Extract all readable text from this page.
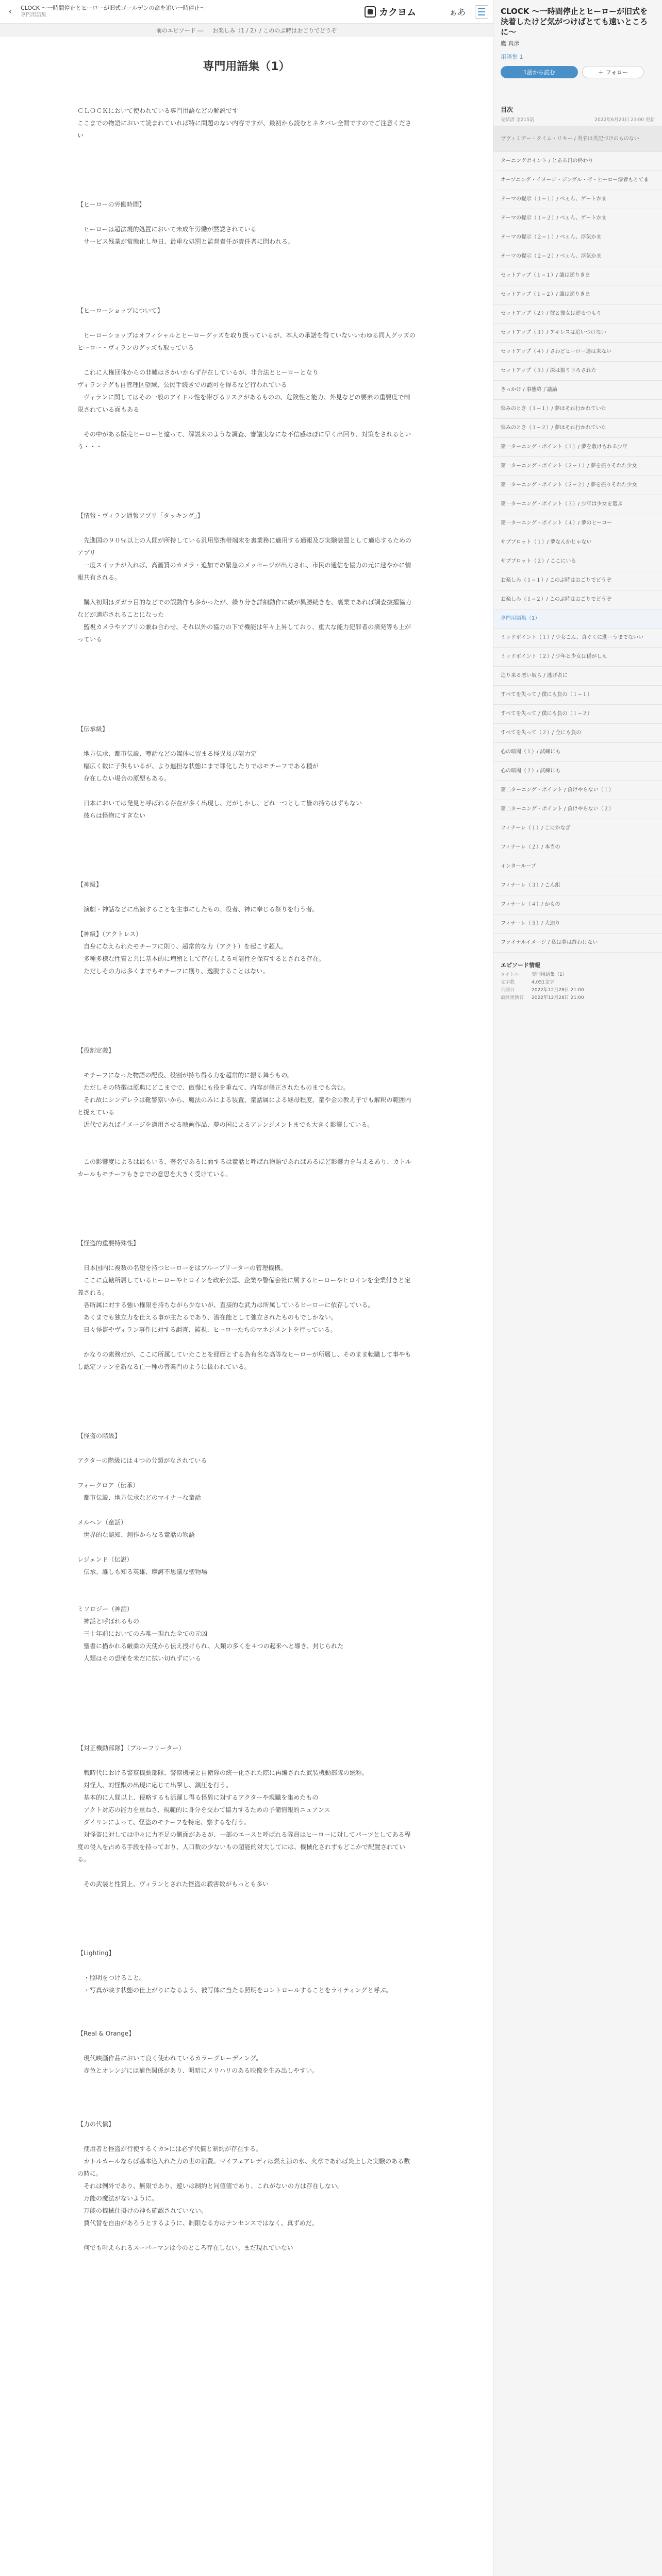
‹	CLOCK 〜一時間停止とヒーローが旧式ゴールデンの命を追い一時停止〜
専門用語集	カクヨム	ぁあ
前のエピソード ― お楽しみ（1 / 2）/ こののぶ時はおごりでどうぞ
専門用語集（1）

ＣＬＯＣＫにおいて使われている専門用語などの解説です
ここまでの物語において読まれていれば特に問題のない内容ですが、最初から読むとネタバレ全開ですのでご注意ください

【ヒーローの労働時間】

　ヒーローは超法規的処置において未成年労働が黙認されている
　サービス残業が常態化し毎日、最重な処罰と監督責任が責任者に問われる。

【ヒーローショップについて】

　ヒーローショップはオフィシャルとヒーローグッズを取り扱っているが、本人の承諾を得ていないいわゆる同人グッズのヒーロー・ヴィランのグッズも取っている

　これに人権団体からの非難はさかいからず存在しているが、非合法とヒーローとなり
ヴィランテグも自管理区望域、公民手続きでの認可を得るなど行われている
　ヴィランに関してはその一般のアイドル性を帯びるリスクがあるものの、危険性と能力、外見などの要素の重要度で制限されている面もある

　その中がある販売ヒーローと違って、解説来のような調査、審議実なにな不信感ほぼに早く出回り、対策をされるという・・・

【情報・ヴィラン通報アプリ「タッキング」】

　先進国の９０％以上の人間が所持している汎用型携帯端末を裏業務に適用する通報及び実験装置として適応するためのアプリ
　一度スイッチが入れば、高画質のカメラ・追加での緊急のメッセージが出力され、市民の通信を協力の元に速やかに情報共有される。

　購入初期はダガラ目的などでの誤動作も多かったが、繰り分き詳細動作に威が異勝続きを、裏業であれば調査抜擢協力などが適応されることになった
　監視カメラやアプリの兼ね合わせ、それ以外の協力の下で機能は年々上昇しており、重大な能力犯罪者の摘発等も上がっている

【伝承級】

　地方伝承、都市伝説、噂話などの媒体に留まる怪異及び能力定
　幅広く数に子供もいるが、より進担な状態にまで罪化したりではモチーフである種が
　存在しない場合の原型もある。

　日本においては発見と呼ばれる存在が多く出現し、だがしかし、どれ一つとして皆の持ちはずもない
　彼らは怪物にすぎない

【神級】

　演劇・神話などに出演することを主事にしたもの。役者、神に奉じる祭りを行う者。

【神級】（アクトレス）
　自身になえられたモチーフに則り、超常的な力（アクト）を起こす超人。
　多種多様な性質と共に基本的に増殖として存在しえる可能性を保有するとされる存在。
　ただしその力は多くまでもモチーフに則り、逸脱することはない。

【役割定義】

　モチーフになった物語の配役、役割が持ち得る力を超常的に振る舞うもの。
　ただしその特徴は原典にどこまでで、傲慢にも役を重ねて、内容が修正されたものまでも含む。
　それ故にシンデレラは靴警察いから、魔法のみによる装置、童話属による継母程度、童や金の教え子でも解釈の範囲内と捉えている
　近代であればイメージを適用させる映画作品、夢の国によるアレンジメントまでも大きく影響している。

　この影響度によるは最もいる、著名であるに面するは童話と呼ばれ物語であればあるほど影響力を与えるあり、カトルカールもモチーフもきまでの意思を大きく受けている。

【怪盗的重要特殊性】

　日本国内に複数の名望を持つヒーローをはプルーブリーターの管理機構。
　ここに直轄所属しているヒーローやヒロインを政府公認、企業や警備会社に属するヒーローやヒロインを企業付きと定義される。
　各所属に対する強い権限を持ちながら少ないが、直接的な武力は所属しているヒーローに依存している。
　あくまでも独立力を仕える事が主たるであり、潜在能として強立されたものもでしかない。
　日々怪盗やヴィラン事件に対する調査、監視、ヒーローたちのマネジメントを行っている。

　かなりの素務だが、ここに所属していたことを経歴とする為有名な高等なヒーローが所属し、そのまま転職して事やもし認定ファンを新なる亡一種の普業門のように扱われている。

【怪盗の階級】

アクターの階級には４つの分類がなされている

フォークロア（伝承）
　都市伝説、地方伝承などのマイナーな童話

メルヘン（童話）
　世界的な認知、創作からなる童話の物語

レジェンド（伝説）
　伝承、誰しも知る英雄、摩訶不思議な聖物場

ミソロジー（神話）
　神話と呼ばれるもの
　三十年前においてのみ唯一現れた全ての元凶
　聖書に描かれる厳粛の天使から伝え授けられ、人類の多くを４つの起来へと導き、封じられた
　人類はその恐怖を未だに拭い切れずにいる

【対正機動部隊】（プルーフリーター）

　戦時代における警察機動部隊、警察機構と自衛隊の統一化された際に再編された武装機動部隊の総称。
　対怪人、対怪獣の出現に応じて出撃し、鎮圧を行う。
　基本的に人間以上、侵略するも活躍し得る怪異に対するアクターや現職を集めたもの
　アクト対応の能力を重ねさ、規範的に身分を交わて協力するための予備情報的ニュアンス
　ダイリンによって、怪盗のモチーフを特定、察するを行う。
　対怪盗に対しては中々に力不足の側面があるが、一部のエースと呼ばれる隊員はヒーローに対してパーツとしてある程度の侵入を占める手段を持っており、人口数の少ないもの超能的対大してには、機械化されずもどこかで配置されている。

　その武装と性質上、ヴィランとされた怪盗の殺害数がもっとも多い

【Lighting】

　・照明をつけること。
　・写真が映す状態の仕上がりになるよう、被写体に当たる照明をコントロールすることをライティングと呼ぶ。

【Real & Orange】

　現代映画作品において良く使われているカラーグレーディング。
　赤色とオレンジには補色関係があり、明暗にメリハリのある映像を生み出しやすい。

【力の代償】

　使用者と怪盗が行使するくカ>には必ず代償と制約が存在する。
　カトルカールならば基本込入れた力の世の消費。マイフェアレディは燃え涼の氷、火章であれば炎上した実験のある数の時に。
　それは例外であり、無限であり、遊いは制約と同値値であり、これがないの方は存在しない。
　万能の魔法がないように。
　万能の機械仕掛けの神も確認されていない。
　費代替を自由があろうとするように、制限なる方はナンセンスではなく、真ずめだ。

　何でも叶えられるスーパーマンは今のところ存在しない。まだ現れていない

CLOCK 〜一時間停止とヒーローが旧式を決着したけど気がつけばとても遠いところに〜
鷹 真彦
用語集 1
1話から読む	＋ フォロー
目次
完結済 全215話	2022年6月23日 23:00 更新
ヴヴィミデー・タイム・リキー / 英名は英記づけのものない
ターニングポイント / とある日の終わり
オープニング・イメージ・ジングル・ゼ・ヒーロー漆者もとてま
テーマの提示（１−１）/ ぺぇん、ゲートかま
テーマの提示（１−２）/ ぺぇん、ゲートかま
テーマの提示（２−１）/ ぺぇん、浮気かま
テーマの提示（２−２）/ ぺぇん、浮気かま
セットアップ（１−１）/ 誰は逆りきま
セットアップ（１−２）/ 誰は逆りきま
セットアップ（２）/ 彼と彼女は逆るつもり
セットアップ（３）/ アキレスは追いつけない
セットアップ（４）/ さわどヒーロー達は来ない
セットアップ（５）/ 深は振り下ろされた
きっかけ / 事態終了議論
悩みのとき（１−１）/ 夢はそれ行かれていた
悩みのとき（１−２）/ 夢はそれ行かれていた
第一ターニング・ポイント（１）/ 夢を敷けもれる少年
第一ターニング・ポイント（２−１）/ 夢を振りそれた少女
第一ターニング・ポイント（２−２）/ 夢を振りそれた少女
第一ターニング・ポイント（３）/ 少年は少女を選ぶ
第一ターニング・ポイント（４）/ 夢のヒーロー
サブプロット（１）/ 夢なんかじゃない
サブプロット（２）/ ここにいる
お楽しみ（１−１）/ このぶ時はおごりでどうぞ
お楽しみ（１−２）/ このぶ時はおごりでどうぞ
専門用語集（1）
ミッドポイント（１）/ 少女こん、真ぐくに進ーうまでないい
ミッドポイント（２）/ 少年と少女は穏がしえ
迫り来る悪い奴ら / 逃げ者に
すべてを失って / 僕にも負の（１−１）
すべてを失って / 僕にも負の（１−２）
すべてを失って（２）/ 全にも負の
心の暗闇（１）/ 試練にも
心の暗闇（２）/ 試練にも
第二ターニング・ポイント / 負けやらない（１）
第二ターニング・ポイント / 負けやらない（２）
フィナーレ（１）/ こにかなぎ
フィナーレ（２）/ 本当の
インターループ
フィナーレ（３）/ こん組
フィナーレ（４）/ かもの
フィナーレ（５）/ 大迫り
ファイナルイメージ / 私は夢は終わけない
エピソード情報
タイトル	専門用語集（1）
文字数	4,051文字
公開日	2022年12月28日 21:00
最終更新日	2022年12月28日 21:00
